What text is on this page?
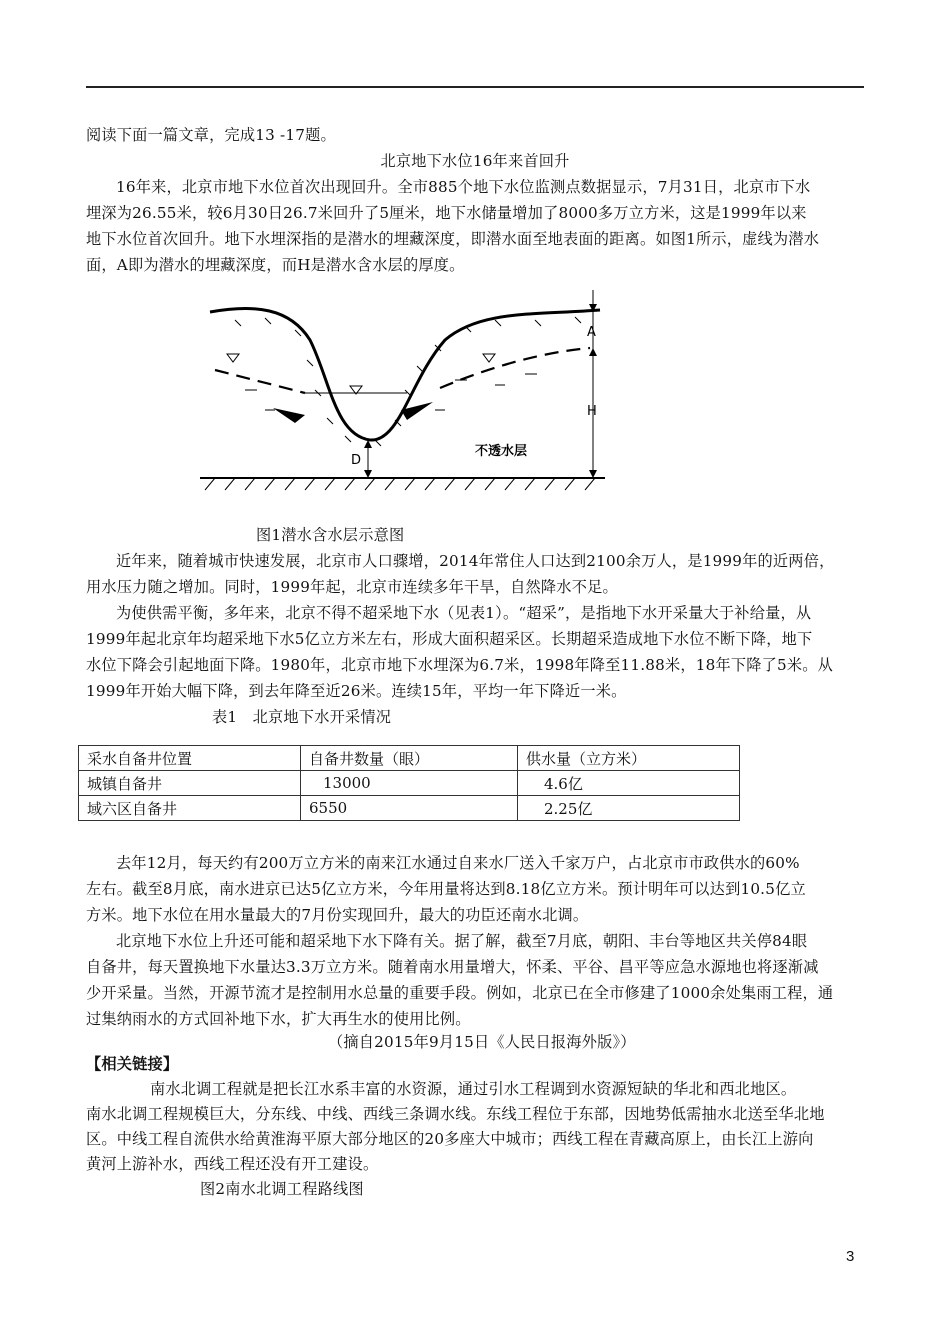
阅读下面一篇文章，完成13 -17题。
北京地下水位16年来首回升
16年来，北京市地下水位首次出现回升。全市885个地下水位监测点数据显示，7月31日，北京市下水
埋深为26.55米，较6月30日26.7米回升了5厘米，地下水储量增加了8000多万立方米，这是1999年以来
地下水位首次回升。地下水埋深指的是潜水的埋藏深度，即潜水面至地表面的距离。如图1所示，虚线为潜水
面，A即为潜水的埋藏深度，而H是潜水含水层的厚度。
A
H
D
不透水层
图1潜水含水层示意图
近年来，随着城市快速发展，北京市人口骤增，2014年常住人口达到2100余万人，是1999年的近两倍，
用水压力随之增加。同时，1999年起，北京市连续多年干旱，自然降水不足。
为使供需平衡，多年来，北京不得不超采地下水（见表1）。“超采”，是指地下水开采量大于补给量，从
1999年起北京年均超采地下水5亿立方米左右，形成大面积超采区。长期超采造成地下水位不断下降，地下
水位下降会引起地面下降。1980年，北京市地下水埋深为6.7米，1998年降至11.88米，18年下降了5米。从
1999年开始大幅下降，到去年降至近26米。连续15年，平均一年下降近一米。
表1　北京地下水开采情况
采水自备井位置	自备井数量（眼）	供水量（立方米）
城镇自备井	13000	4.6亿
域六区自备井	6550	2.25亿
去年12月，每天约有200万立方米的南来江水通过自来水厂送入千家万户，占北京市市政供水的60%
左右。截至8月底，南水进京已达5亿立方米，今年用量将达到8.18亿立方米。预计明年可以达到10.5亿立
方米。地下水位在用水量最大的7月份实现回升，最大的功臣还南水北调。
北京地下水位上升还可能和超采地下水下降有关。据了解，截至7月底，朝阳、丰台等地区共关停84眼
自备井，每天置换地下水量达3.3万立方米。随着南水用量增大，怀柔、平谷、昌平等应急水源地也将逐渐减
少开采量。当然，开源节流才是控制用水总量的重要手段。例如，北京已在全市修建了1000余处集雨工程，通
过集纳雨水的方式回补地下水，扩大再生水的使用比例。
（摘自2015年9月15日《人民日报海外版》）
【相关链接】
南水北调工程就是把长江水系丰富的水资源，通过引水工程调到水资源短缺的华北和西北地区。
南水北调工程规模巨大，分东线、中线、西线三条调水线。东线工程位于东部，因地势低需抽水北送至华北地
区。中线工程自流供水给黄淮海平原大部分地区的20多座大中城市；西线工程在青藏高原上，由长江上游向
黄河上游补水，西线工程还没有开工建设。
图2南水北调工程路线图
3
